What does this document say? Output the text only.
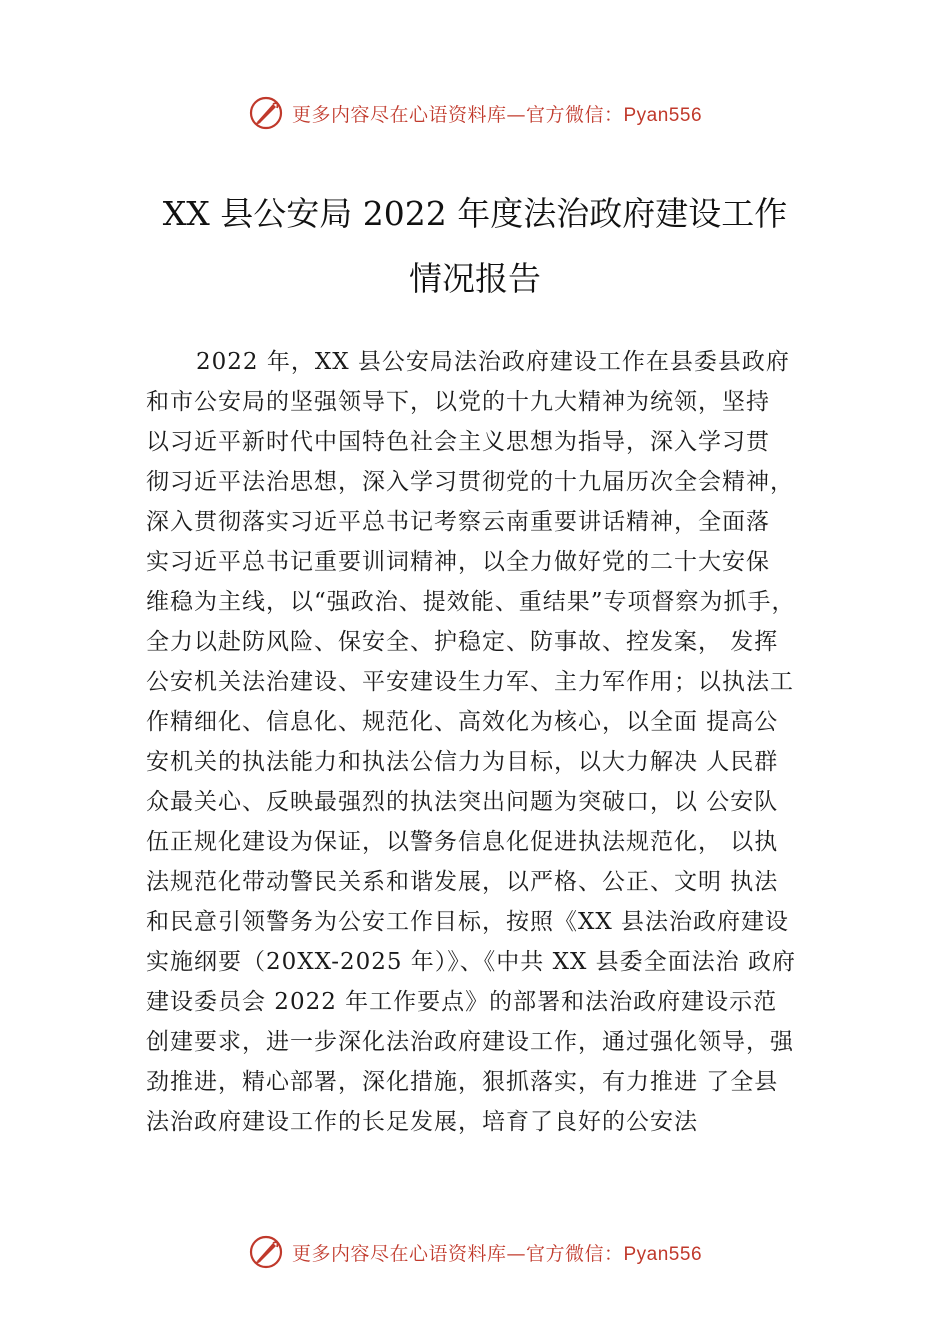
更多内容尽在心语资料库—官方微信：Pyan556
XX 县公安局 2022 年度法治政府建设工作
情况报告
2022 年，XX 县公安局法治政府建设工作在县委县政府
和市公安局的坚强领导下，以党的十九大精神为统领，坚持
以习近平新时代中国特色社会主义思想为指导，深入学习贯
彻习近平法治思想，深入学习贯彻党的十九届历次全会精神，
深入贯彻落实习近平总书记考察云南重要讲话精神，全面落
实习近平总书记重要训词精神，以全力做好党的二十大安保
维稳为主线，以“强政治、提效能、重结果”专项督察为抓手，
全力以赴防风险、保安全、护稳定、防事故、控发案， 发挥
公安机关法治建设、平安建设生力军、主力军作用；以执法工
作精细化、信息化、规范化、高效化为核心，以全面 提高公
安机关的执法能力和执法公信力为目标，以大力解决 人民群
众最关心、反映最强烈的执法突出问题为突破口，以 公安队
伍正规化建设为保证，以警务信息化促进执法规范化， 以执
法规范化带动警民关系和谐发展，以严格、公正、文明 执法
和民意引领警务为公安工作目标，按照《XX 县法治政府建设
实施纲要（20XX-2025 年）》、《中共 XX 县委全面法治 政府
建设委员会 2022 年工作要点》的部署和法治政府建设示范
创建要求，进一步深化法治政府建设工作，通过强化领导，强
劲推进，精心部署，深化措施，狠抓落实，有力推进 了全县
法治政府建设工作的长足发展，培育了良好的公安法
更多内容尽在心语资料库—官方微信：Pyan556
